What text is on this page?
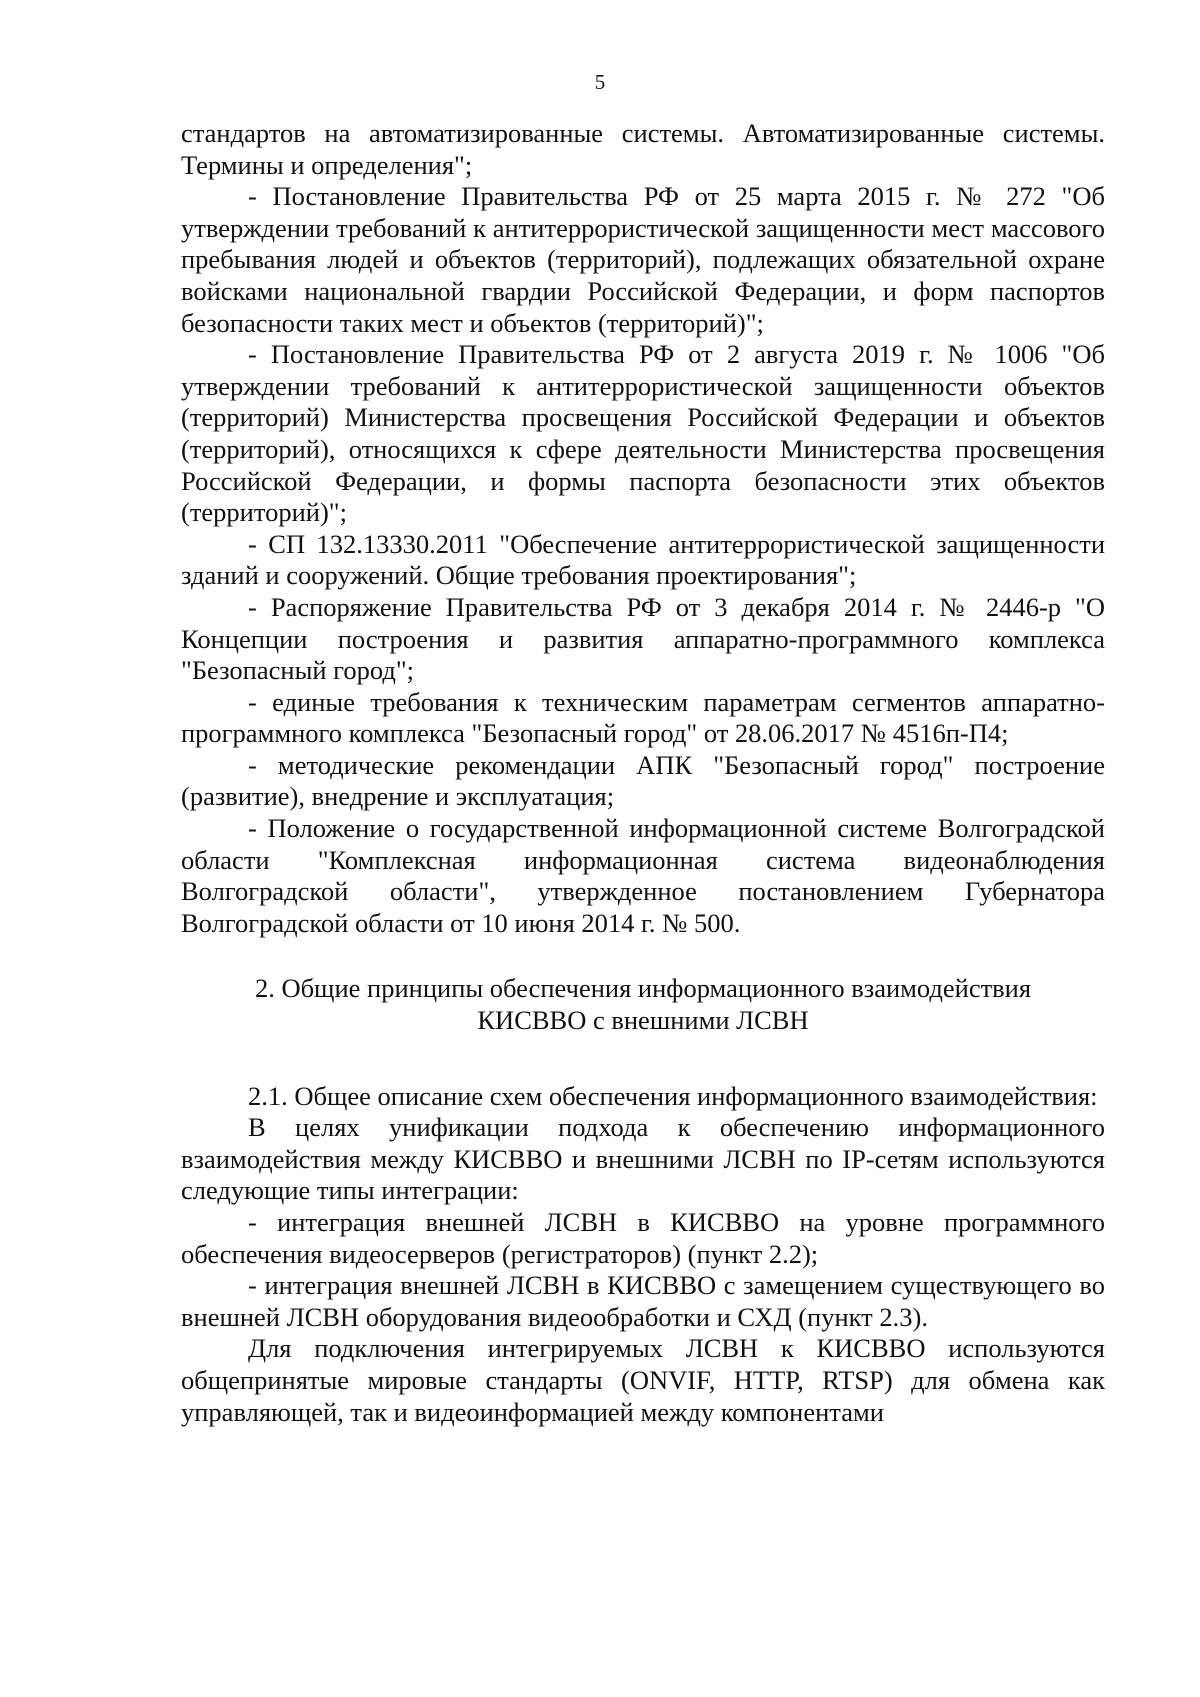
5

стандартов на автоматизированные системы. Автоматизированные системы. Термины и определения";

- Постановление Правительства РФ от 25 марта 2015 г. № 272 "Об утверждении требований к антитеррористической защищенности мест массового пребывания людей и объектов (территорий), подлежащих обязательной охране войсками национальной гвардии Российской Федерации, и форм паспортов безопасности таких мест и объектов (территорий)";

- Постановление Правительства РФ от 2 августа 2019 г. № 1006 "Об утверждении требований к антитеррористической защищенности объектов (территорий) Министерства просвещения Российской Федерации и объектов (территорий), относящихся к сфере деятельности Министерства просвещения Российской Федерации, и формы паспорта безопасности этих объектов (территорий)";

- СП 132.13330.2011 "Обеспечение антитеррористической защищенности зданий и сооружений. Общие требования проектирования";

- Распоряжение Правительства РФ от 3 декабря 2014 г. № 2446-р "О Концепции построения и развития аппаратно-программного комплекса "Безопасный город";

- единые требования к техническим параметрам сегментов аппаратно-программного комплекса "Безопасный город" от 28.06.2017 № 4516п-П4;

- методические рекомендации АПК "Безопасный город" построение (развитие), внедрение и эксплуатация;

- Положение о государственной информационной системе Волгоградской области "Комплексная информационная система видеонаблюдения Волгоградской области", утвержденное постановлением Губернатора Волгоградской области от 10 июня 2014 г. № 500.

2. Общие принципы обеспечения информационного взаимодействия
КИСВВО с внешними ЛСВН

2.1. Общее описание схем обеспечения информационного взаимодействия:

В целях унификации подхода к обеспечению информационного взаимодействия между КИСВВО и внешними ЛСВН по IP-сетям используются следующие типы интеграции:

- интеграция внешней ЛСВН в КИСВВО на уровне программного обеспечения видеосерверов (регистраторов) (пункт 2.2);

- интеграция внешней ЛСВН в КИСВВО с замещением существующего во внешней ЛСВН оборудования видеообработки и СХД (пункт 2.3).

Для подключения интегрируемых ЛСВН к КИСВВО используются общепринятые мировые стандарты (ONVIF, HTTP, RTSP) для обмена как управляющей, так и видеоинформацией между компонентами
